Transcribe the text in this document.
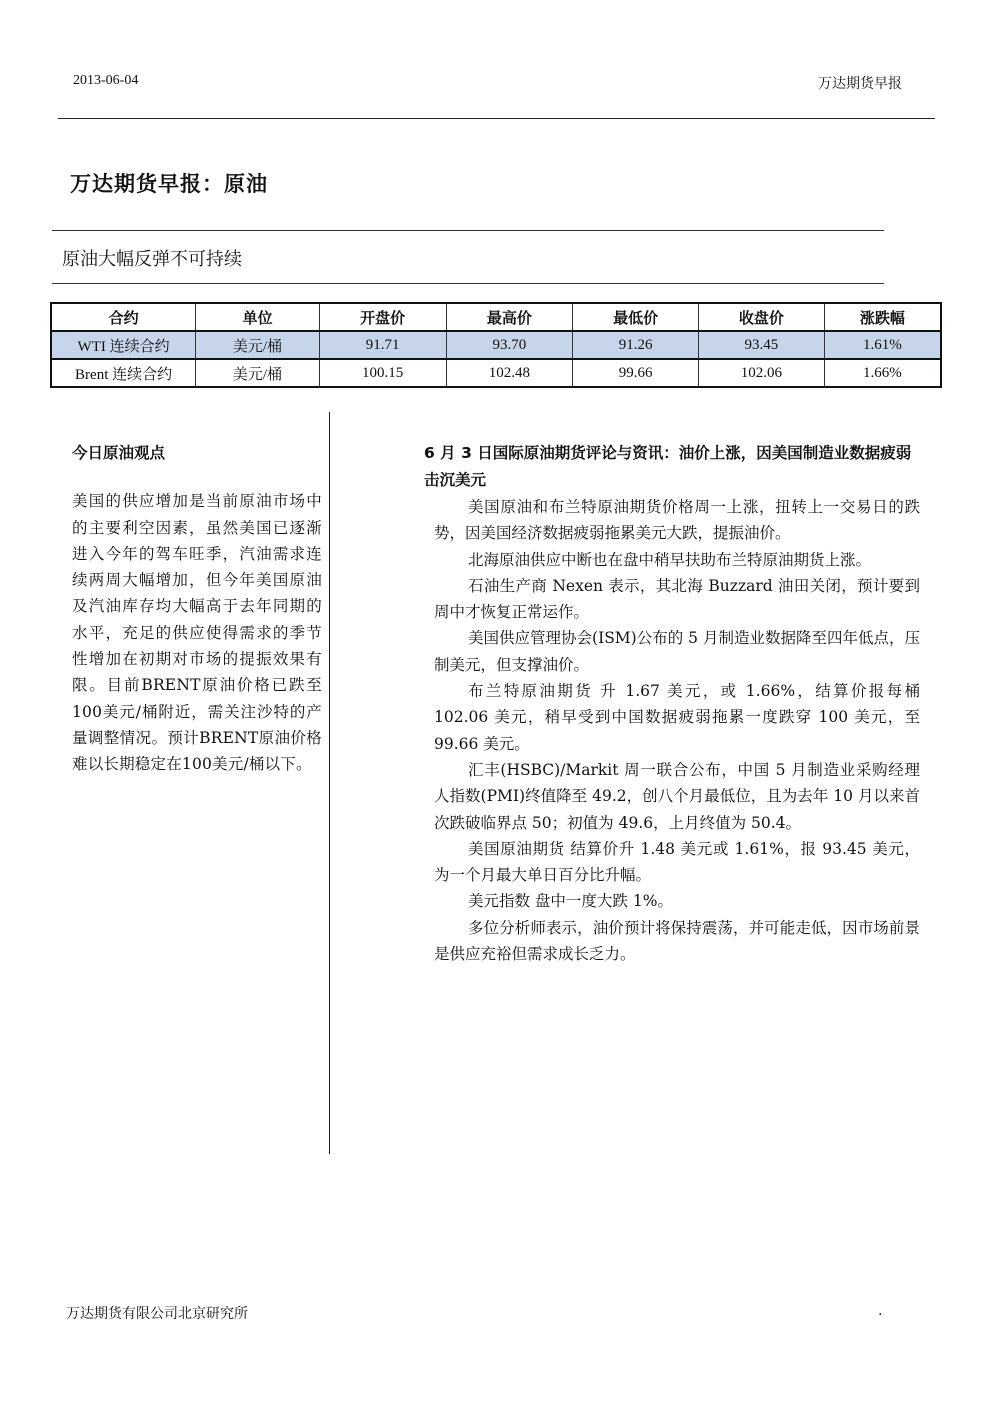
2013-06-04	万达期货早报
万达期货早报：原油
原油大幅反弹不可持续
合约	单位	开盘价	最高价	最低价	收盘价	涨跌幅
WTI 连续合约	美元/桶	91.71	93.70	91.26	93.45	1.61%
Brent 连续合约	美元/桶	100.15	102.48	99.66	102.06	1.66%
今日原油观点
美国的供应增加是当前原油市场中的主要利空因素，虽然美国已逐渐进入今年的驾车旺季，汽油需求连续两周大幅增加，但今年美国原油及汽油库存均大幅高于去年同期的水平，充足的供应使得需求的季节性增加在初期对市场的提振效果有限。目前BRENT原油价格已跌至100美元/桶附近，需关注沙特的产量调整情况。预计BRENT原油价格难以长期稳定在100美元/桶以下。
6 月 3 日国际原油期货评论与资讯：油价上涨，因美国制造业数据疲弱击沉美元

美国原油和布兰特原油期货价格周一上涨，扭转上一交易日的跌势，因美国经济数据疲弱拖累美元大跌，提振油价。

北海原油供应中断也在盘中稍早扶助布兰特原油期货上涨。

石油生产商 Nexen 表示，其北海 Buzzard 油田关闭，预计要到周中才恢复正常运作。

美国供应管理协会(ISM)公布的 5 月制造业数据降至四年低点，压制美元，但支撑油价。

布兰特原油期货 升 1.67 美元，或 1.66%，结算价报每桶 102.06 美元，稍早受到中国数据疲弱拖累一度跌穿 100 美元，至 99.66 美元。

汇丰(HSBC)/Markit 周一联合公布，中国 5 月制造业采购经理人指数(PMI)终值降至 49.2，创八个月最低位，且为去年 10 月以来首次跌破临界点 50；初值为 49.6，上月终值为 50.4。

美国原油期货 结算价升 1.48 美元或 1.61%，报 93.45 美元，为一个月最大单日百分比升幅。

美元指数 盘中一度大跌 1%。

多位分析师表示，油价预计将保持震荡，并可能走低，因市场前景是供应充裕但需求成长乏力。

万达期货有限公司北京研究所	.
